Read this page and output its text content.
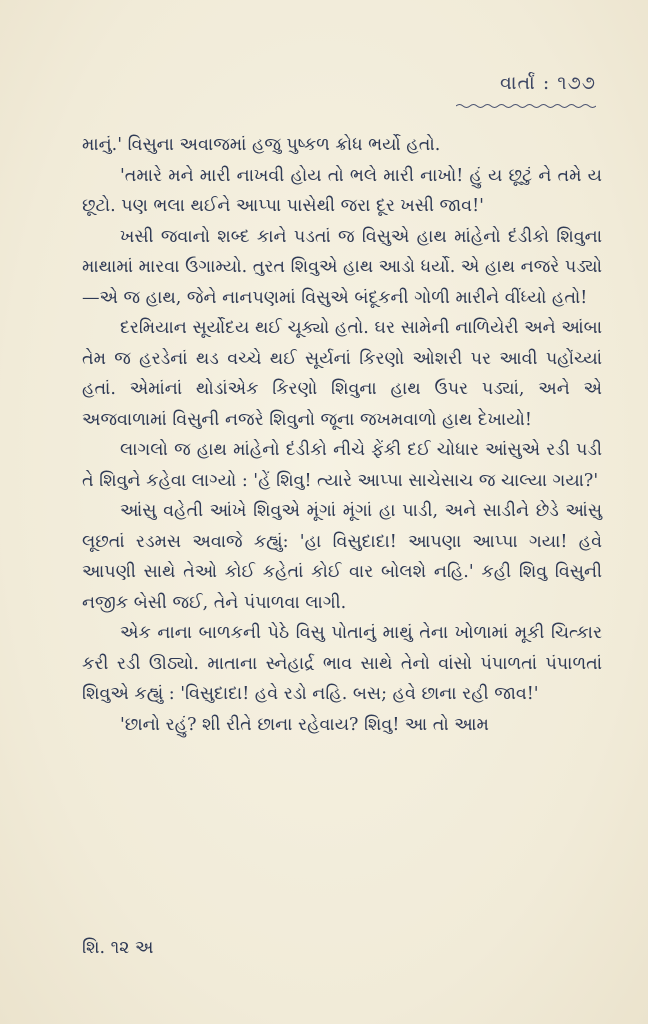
વાર્તાં : ૧૭૭

માનું.' વિસુના અવાજમાં હજુ પુષ્કળ ક્રોધ ભર્યો હતો.

'તમારે મને મારી નાખવી હોય તો ભલે મારી નાખો! હું ય છૂટું ને તમે ય છૂટો. પણ ભલા થઈને આપ્પા પાસેથી જરા દૂર ખસી જાવ!'

ખસી જવાનો શબ્દ કાને પડતાં જ વિસુએ હાથ માંહેનો દંડીકો શિવુના માથામાં મારવા ઉગામ્યો. તુરત શિવુએ હાથ આડો ધર્યો. એ હાથ નજરે પડ્યો—એ જ હાથ, જેને નાનપણમાં વિસુએ બંદૂકની ગોળી મારીને વીંધ્યો હતો!

દરમિયાન સૂર્યોદય થઈ ચૂક્યો હતો. ઘર સામેની નાળિયેરી અને આંબા તેમ જ હરડેનાં થડ વચ્ચે થઈ સૂર્યનાં કિરણો ઓશરી પર આવી પહોંચ્યાં હતાં. એમાંનાં થોડાંએક કિરણો શિવુના હાથ ઉપર પડ્યાં, અને એ અજવાળામાં વિસુની નજરે શિવુનો જૂના જખમવાળો હાથ દેખાયો!

લાગલો જ હાથ માંહેનો દંડીકો નીચે ફેંકી દઈ ચોધાર આંસુએ રડી પડી તે શિવુને કહેવા લાગ્યો : 'હેં શિવુ! ત્યારે આપ્પા સાચેસાચ જ ચાલ્યા ગયા?'

આંસુ વહેતી આંખે શિવુએ મૂંગાં મૂંગાં હા પાડી, અને સાડીને છેડે આંસુ લૂછતાં રડમસ અવાજે કહ્યું: 'હા વિસુદાદા! આપણા આપ્પા ગયા! હવે આપણી સાથે તેઓ કોઈ કહેતાં કોઈ વાર બોલશે નહિ.' કહી શિવુ વિસુની નજીક બેસી જઈ, તેને પંપાળવા લાગી.

એક નાના બાળકની પેઠે વિસુ પોતાનું માથું તેના ખોળામાં મૂકી ચિત્કાર કરી રડી ઊઠ્યો. માતાના સ્નેહાર્દ્ર ભાવ સાથે તેનો વાંસો પંપાળતાં પંપાળતાં શિવુએ કહ્યું : 'વિસુદાદા! હવે રડો નહિ. બસ; હવે છાના રહી જાવ!'

'છાનો રહું? શી રીતે છાના રહેવાય? શિવુ! આ તો આમ

શિ. ૧૨ અ
